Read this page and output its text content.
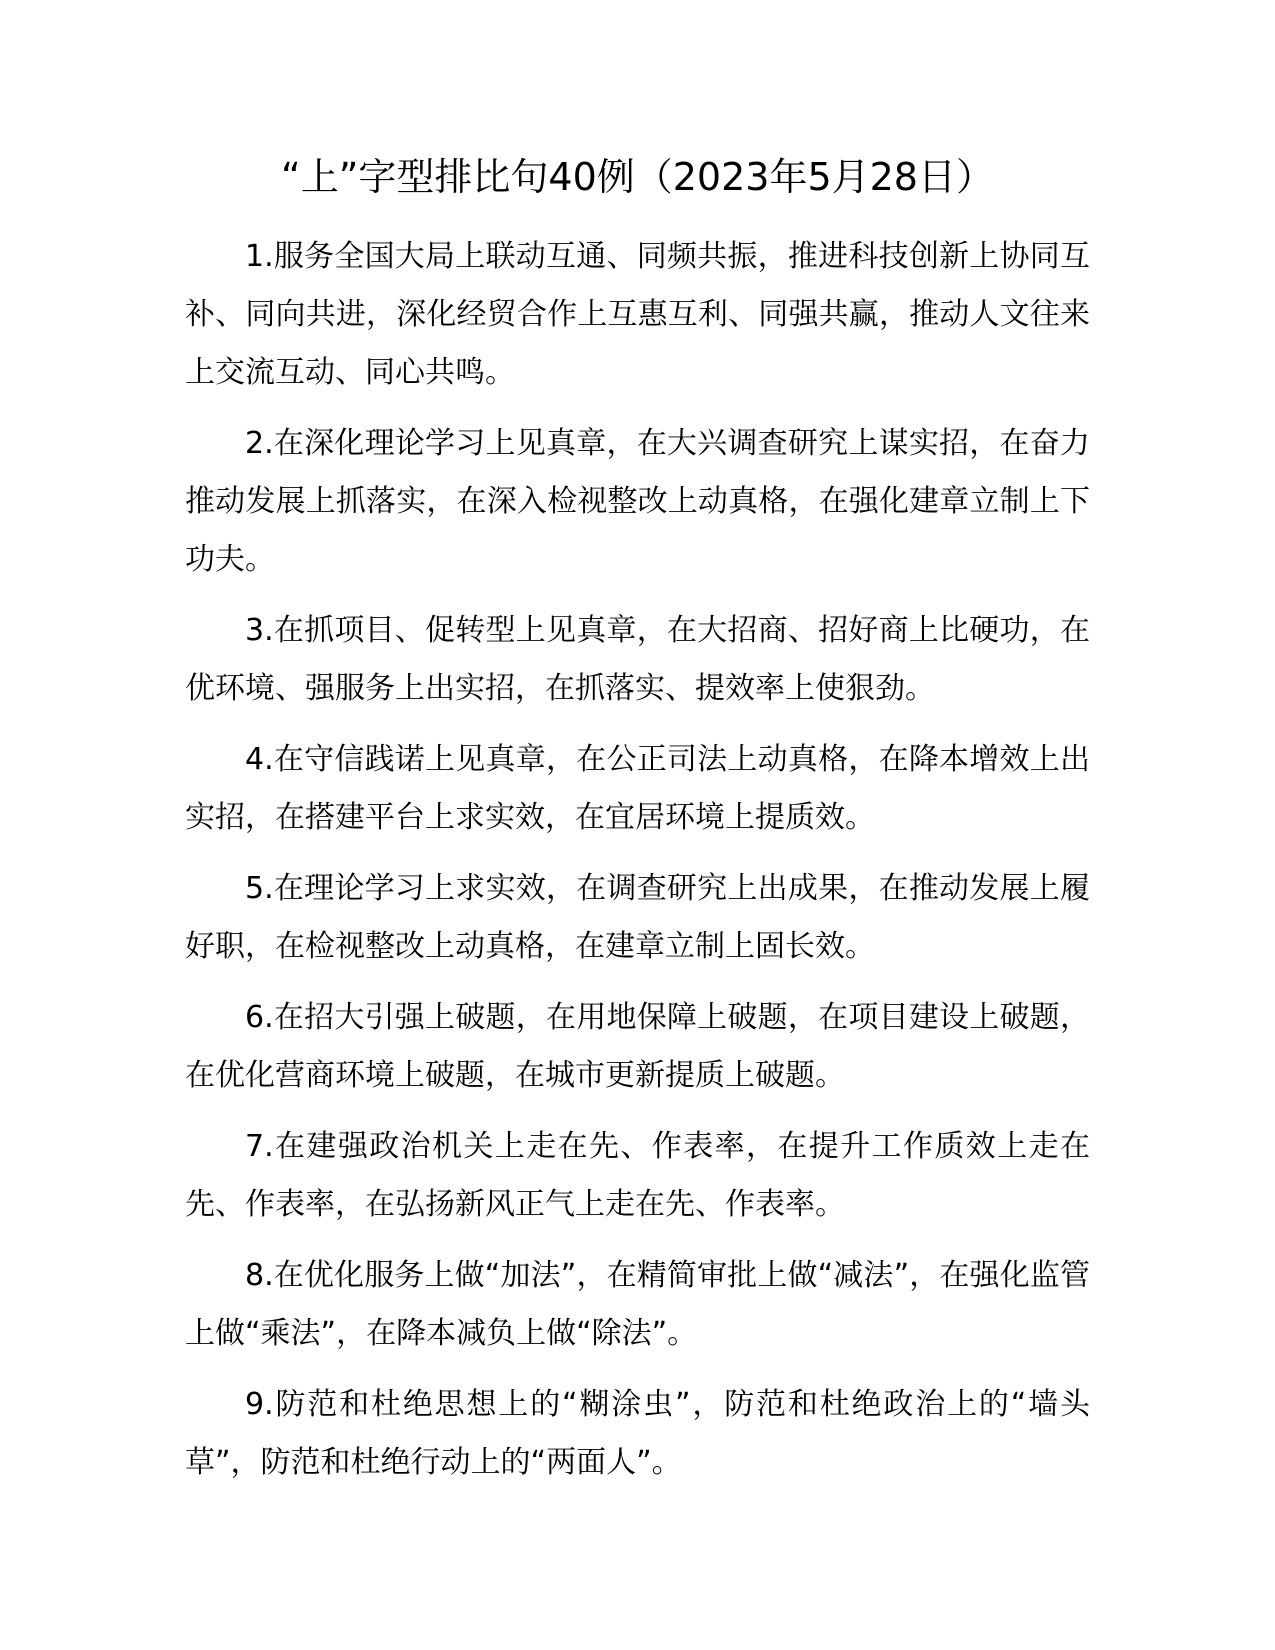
“上”字型排比句40例（2023年5月28日）

1.服务全国大局上联动互通、同频共振，推进科技创新上协同互补、同向共进，深化经贸合作上互惠互利、同强共赢，推动人文往来上交流互动、同心共鸣。

2.在深化理论学习上见真章，在大兴调查研究上谋实招，在奋力推动发展上抓落实，在深入检视整改上动真格，在强化建章立制上下功夫。

3.在抓项目、促转型上见真章，在大招商、招好商上比硬功，在优环境、强服务上出实招，在抓落实、提效率上使狠劲。

4.在守信践诺上见真章，在公正司法上动真格，在降本增效上出实招，在搭建平台上求实效，在宜居环境上提质效。

5.在理论学习上求实效，在调查研究上出成果，在推动发展上履好职，在检视整改上动真格，在建章立制上固长效。

6.在招大引强上破题，在用地保障上破题，在项目建设上破题，在优化营商环境上破题，在城市更新提质上破题。

7.在建强政治机关上走在先、作表率，在提升工作质效上走在先、作表率，在弘扬新风正气上走在先、作表率。

8.在优化服务上做“加法”，在精简审批上做“减法”，在强化监管上做“乘法”，在降本减负上做“除法”。

9.防范和杜绝思想上的“糊涂虫”，防范和杜绝政治上的“墙头草”，防范和杜绝行动上的“两面人”。
